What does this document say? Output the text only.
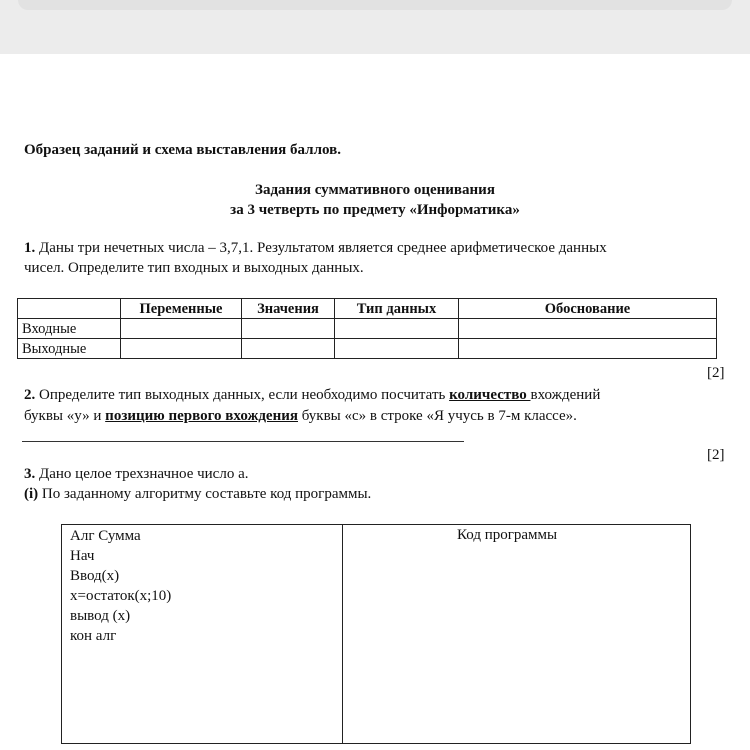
Образец заданий и схема выставления баллов.
Задания суммативного оценивания
за 3 четверть по предмету «Информатика»
1. Даны три нечетных числа – 3,7,1. Результатом является среднее арифметическое данных
чисел. Определите тип входных и выходных данных.
	Переменные	Значения	Тип данных	Обоснование
Входные				
Выходные				
[2]
2. Определите тип выходных данных, если необходимо посчитать количество вхождений
буквы «у» и позицию первого вхождения буквы «с» в строке «Я учусь в 7-м классе».
[2]
3. Дано целое трехзначное число а.
(i) По заданному алгоритму составьте код программы.
Алг Сумма
Нач
Ввод(x)
x=остаток(x;10)
вывод (x)
кон алг
Код программы
